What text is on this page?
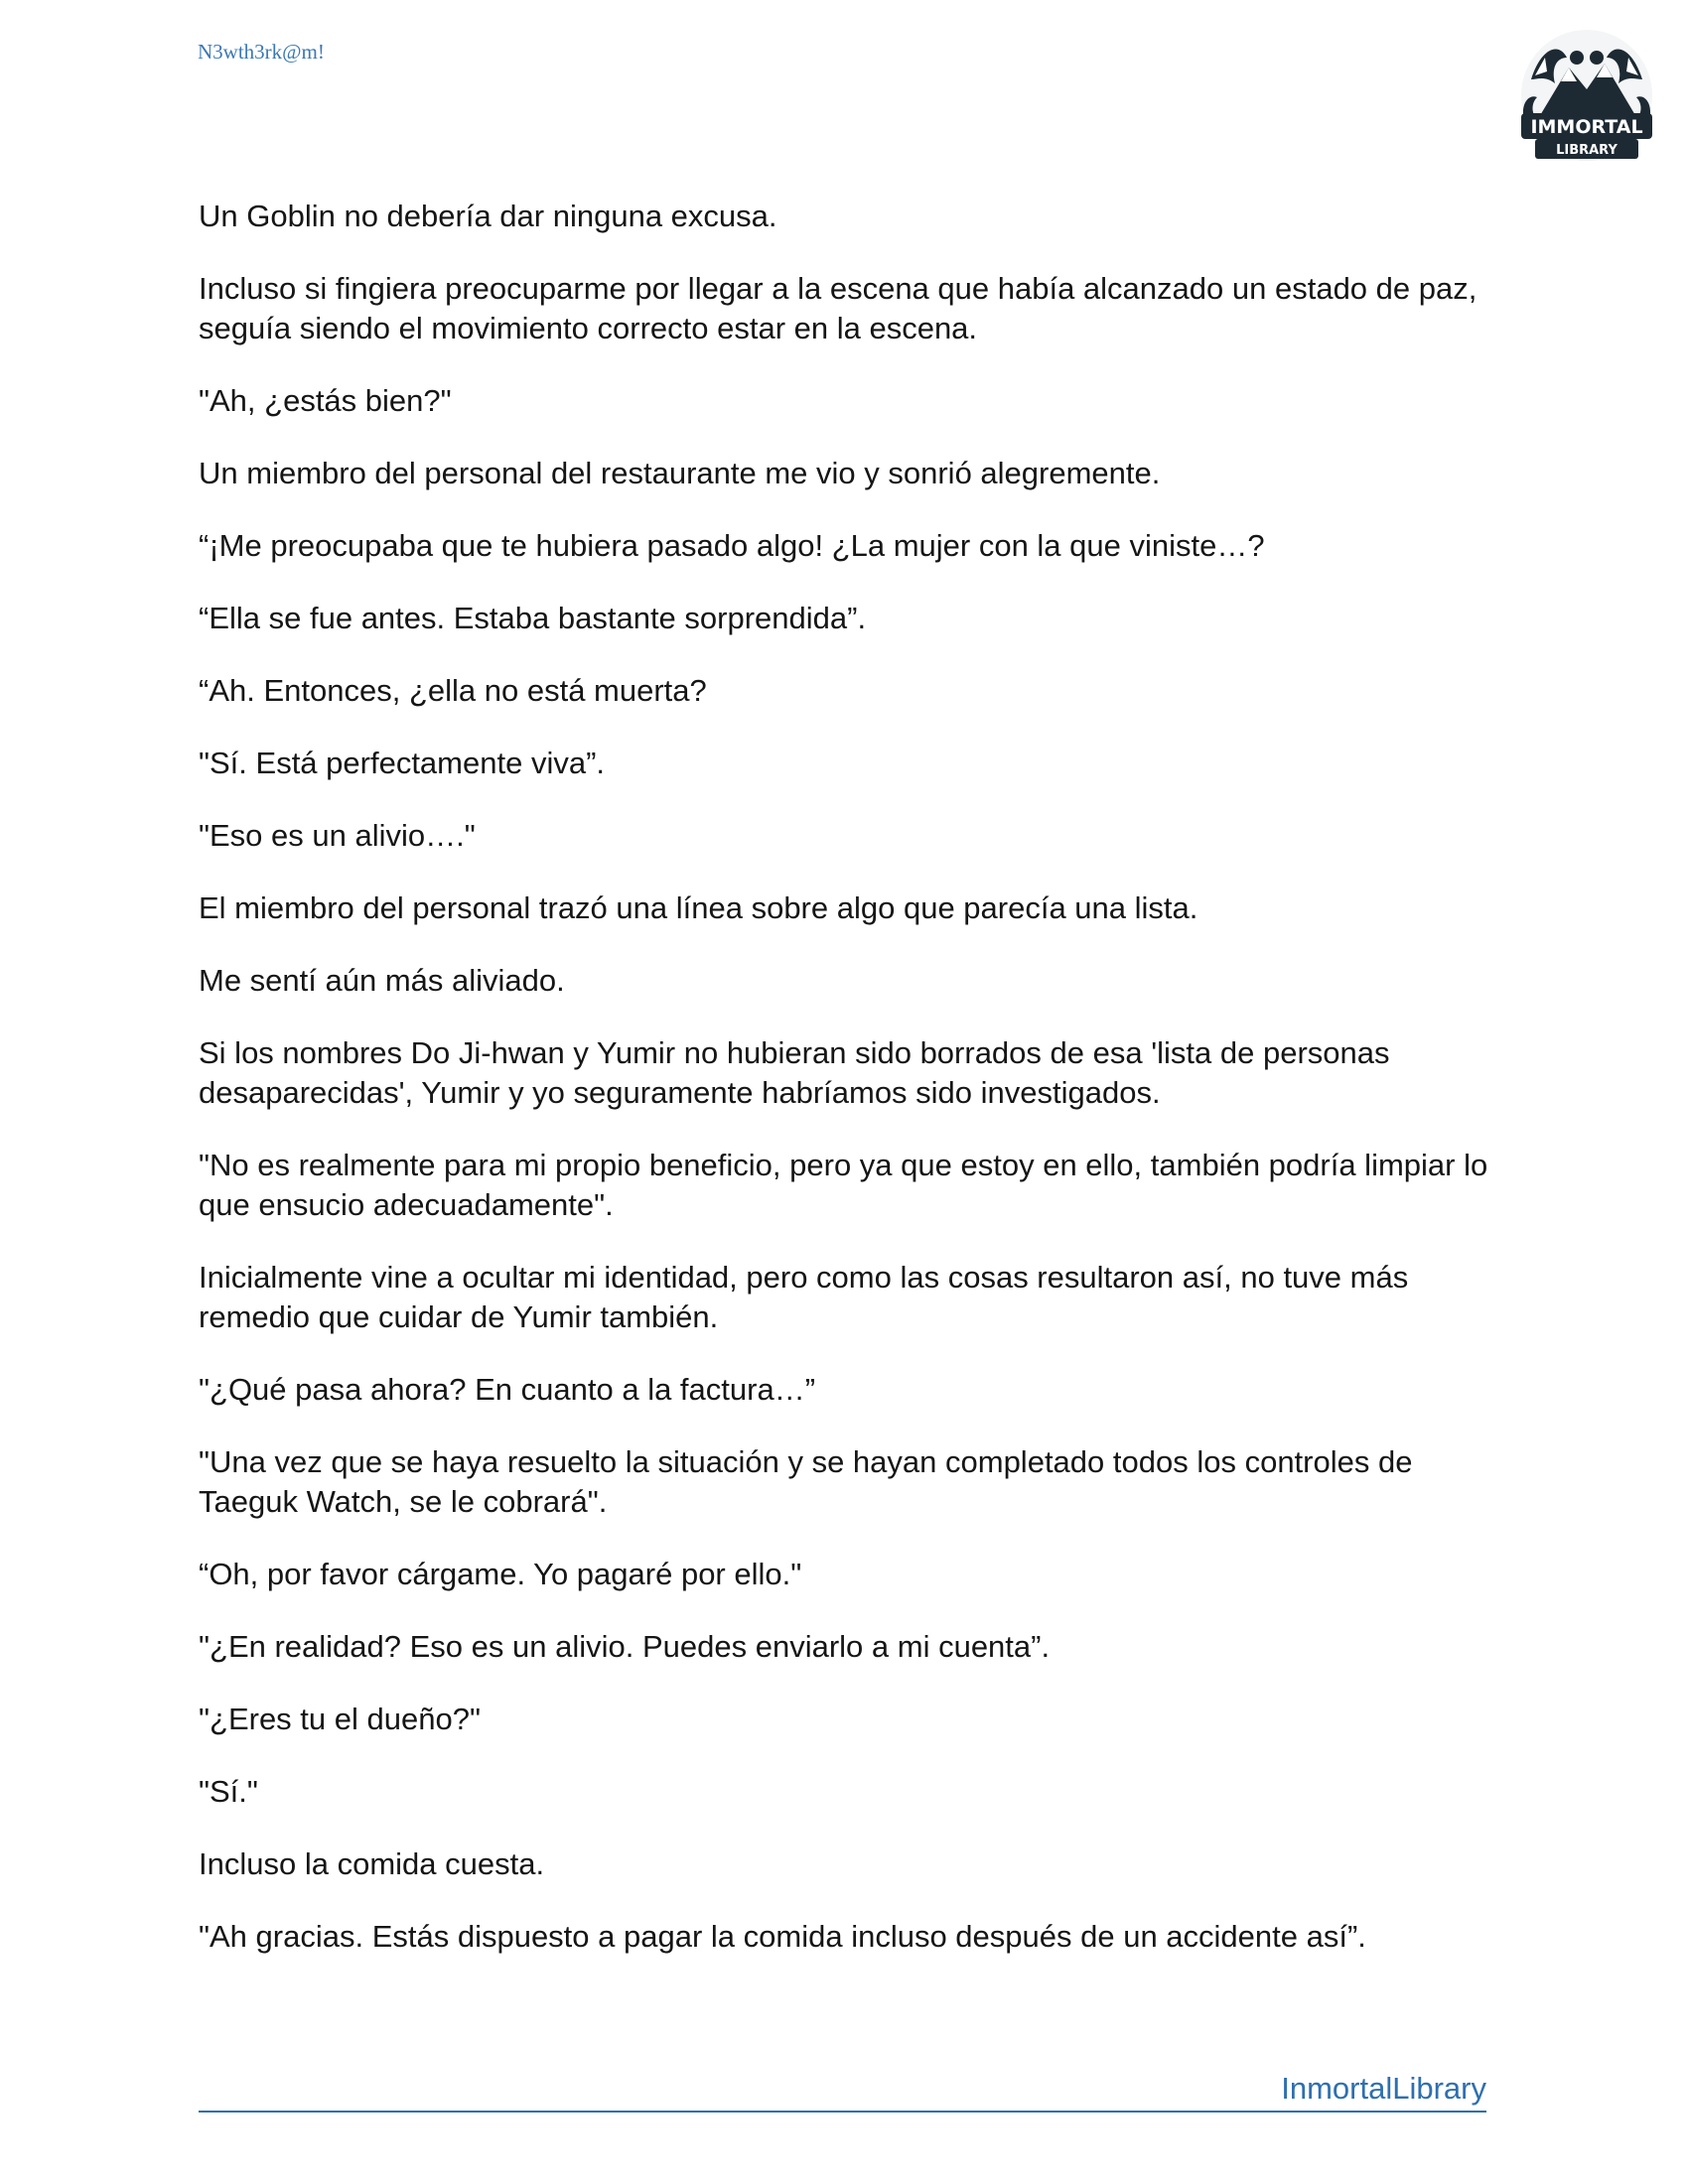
N3wth3rk@m!
IMMORTAL
LIBRARY

Un Goblin no debería dar ninguna excusa.

Incluso si fingiera preocuparme por llegar a la escena que había alcanzado un estado de paz, seguía siendo el movimiento correcto estar en la escena.

"Ah, ¿estás bien?"

Un miembro del personal del restaurante me vio y sonrió alegremente.

“¡Me preocupaba que te hubiera pasado algo! ¿La mujer con la que viniste…?

“Ella se fue antes. Estaba bastante sorprendida”.

“Ah. Entonces, ¿ella no está muerta?

"Sí. Está perfectamente viva”.

"Eso es un alivio…."

El miembro del personal trazó una línea sobre algo que parecía una lista.

Me sentí aún más aliviado.

Si los nombres Do Ji-hwan y Yumir no hubieran sido borrados de esa 'lista de personas desaparecidas', Yumir y yo seguramente habríamos sido investigados.

"No es realmente para mi propio beneficio, pero ya que estoy en ello, también podría limpiar lo que ensucio adecuadamente".

Inicialmente vine a ocultar mi identidad, pero como las cosas resultaron así, no tuve más remedio que cuidar de Yumir también.

"¿Qué pasa ahora? En cuanto a la factura…”

"Una vez que se haya resuelto la situación y se hayan completado todos los controles de Taeguk Watch, se le cobrará".

“Oh, por favor cárgame. Yo pagaré por ello."

"¿En realidad? Eso es un alivio. Puedes enviarlo a mi cuenta”.

"¿Eres tu el dueño?"

"Sí."

Incluso la comida cuesta.

"Ah gracias. Estás dispuesto a pagar la comida incluso después de un accidente así”.

InmortalLibrary
